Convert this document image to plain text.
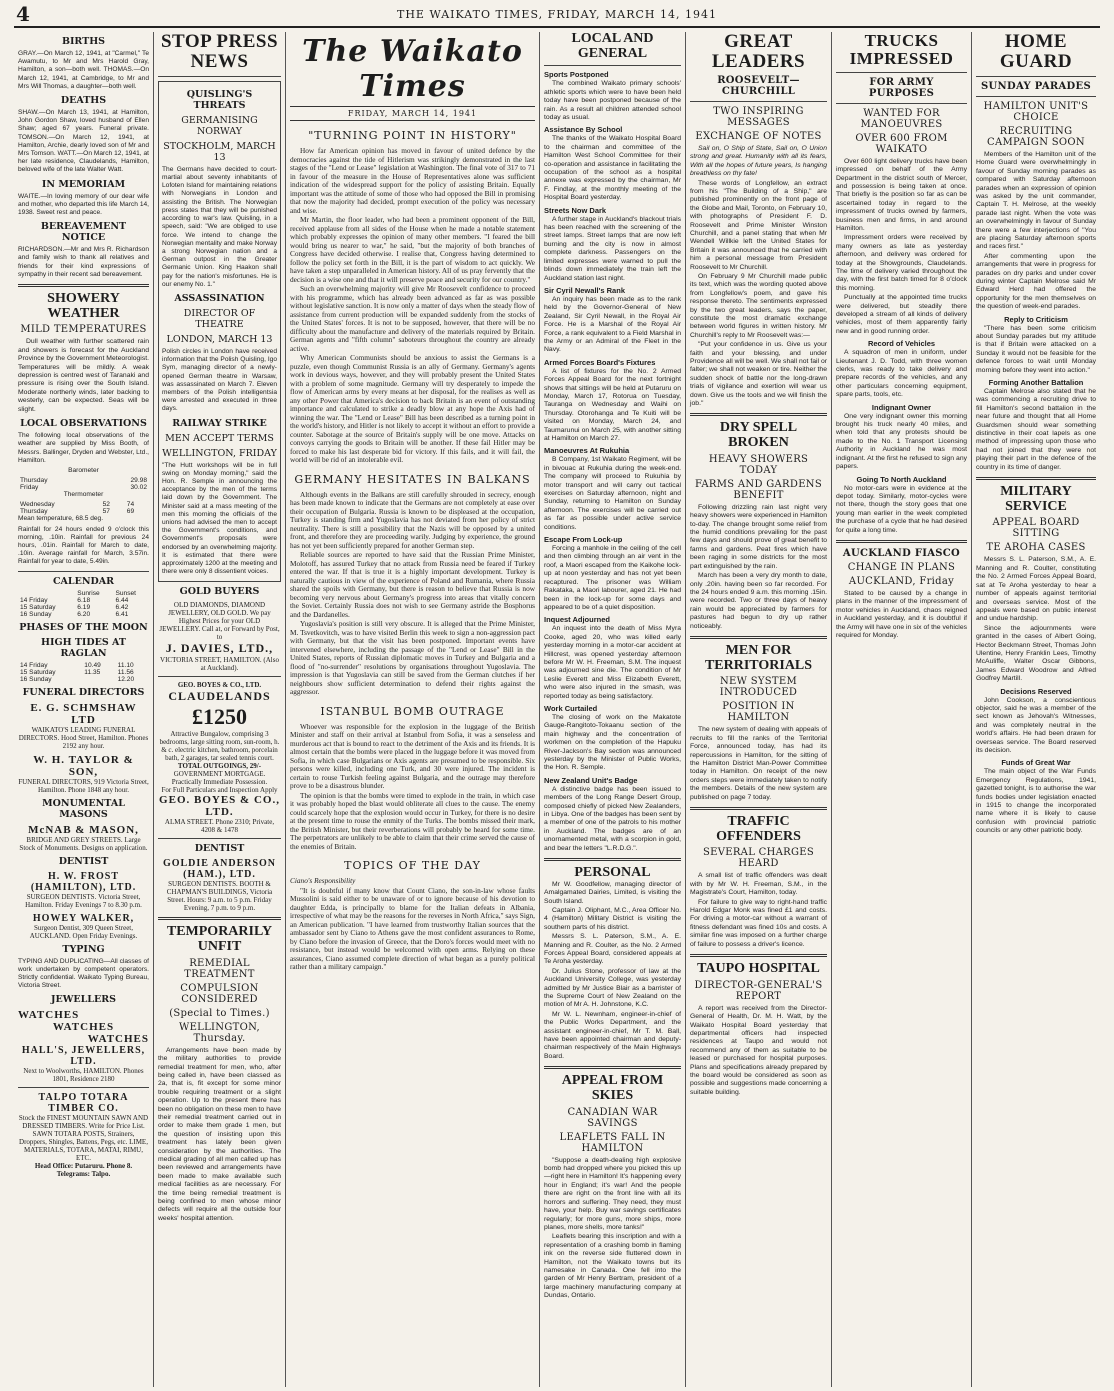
4	THE WAIKATO TIMES, FRIDAY, MARCH 14, 1941
BIRTHS

GRAY.—On March 12, 1941, at "Carmel," Te Awamutu, to Mr and Mrs Harold Gray, Hamilton, a son—both well. THOMAS.—On March 12, 1941, at Cambridge, to Mr and Mrs Will Thomas, a daughter—both well.

DEATHS

SHAW.—On March 13, 1941, at Hamilton, John Gordon Shaw, loved husband of Ellen Shaw; aged 67 years. Funeral private. TOMSON.—On March 12, 1941, at Hamilton, Archie, dearly loved son of Mr and Mrs Tomson. WATT.—On March 12, 1941, at her late residence, Claudelands, Hamilton, beloved wife of the late Walter Watt.

IN MEMORIAM

WAITE.—In loving memory of our dear wife and mother, who departed this life March 14, 1938. Sweet rest and peace.

BEREAVEMENT NOTICE

RICHARDSON.—Mr and Mrs R. Richardson and family wish to thank all relatives and friends for their kind expressions of sympathy in their recent sad bereavement.

SHOWERY WEATHER
MILD TEMPERATURES

Dull weather with further scattered rain and showers is forecast for the Auckland Province by the Government Meteorologist. Temperatures will be mildly. A weak depression is centred west of Taranaki and pressure is rising over the South Island. Moderate northerly winds, later backing to westerly, can be expected. Seas will be slight.

LOCAL OBSERVATIONS

The following local observations of the weather are supplied by Miss Booth, of Messrs. Ballinger, Dryden and Webster, Ltd., Hamilton.

Barometer
Thursday	29.98
Friday	30.02
Thermometer
Wednesday	52	74
Thursday	57	69

Mean temperature, 68.5 deg.

Rainfall for 24 hours ended 9 o'clock this morning, .10in. Rainfall for previous 24 hours, .01in. Rainfall for March to date, .10in. Average rainfall for March, 3.57in. Rainfall for year to date, 5.49in.

CALENDAR
	Sunrise	Sunset
14 Friday	6.18	6.44
15 Saturday	6.19	6.42
16 Sunday	6.20	6.41
PHASES OF THE MOON
HIGH TIDES AT RAGLAN
14 Friday	10.49	11.10
15 Saturday	11.35	11.56
16 Sunday		12.20
FUNERAL DIRECTORS
E. G. SCHMSHAW LTD
WAIKATO'S LEADING FUNERAL DIRECTORS. Hood Street, Hamilton. Phones 2192 any hour.
W. H. TAYLOR & SON,
FUNERAL DIRECTORS, 919 Victoria Street, Hamilton. Phone 1848 any hour.
MONUMENTAL MASONS
McNAB & MASON,
BRIDGE AND GREY STREETS. Large Stock of Monuments. Designs on application.
DENTIST
H. W. FROST (HAMILTON), LTD.
SURGEON DENTISTS. Victoria Street, Hamilton. Friday Evenings 7 to 8.30 p.m.
HOWEY WALKER,
Surgeon Dentist, 309 Queen Street, AUCKLAND. Open Friday Evenings.
TYPING

TYPING AND DUPLICATING—All classes of work undertaken by competent operators. Strictly confidential. Waikato Typing Bureau, Victoria Street.

JEWELLERS
WATCHES
WATCHES
WATCHES
HALL'S, JEWELLERS, LTD.
Next to Woolworths, HAMILTON. Phones 1801, Residence 2180
TALPO TOTARA TIMBER CO.
Stock the FINEST MOUNTAIN SAWN AND DRESSED TIMBERS. Write for Price List. SAWN TOTARA POSTS, Strainers, Droppers, Shingles, Battens, Pegs, etc. LIME, MATERIALS, TOTARA, MATAI, RIMU, ETC.
Head Office: Putaruru. Phone 8. Telegrams: Talpo.
STOP PRESS NEWS
QUISLING'S THREATS
GERMANISING NORWAY
STOCKHOLM, MARCH 13

The Germans have decided to court-martial about seventy inhabitants of Lofoten Island for maintaining relations with Norwegians in London and assisting the British. The Norwegian press states that they will be punished according to war's law. Quisling, in a speech, said: "We are obliged to use force. We intend to change the Norwegian mentality and make Norway a strong Norwegian nation and a German outpost in the Greater Germanic Union. King Haakon shall pay for the nation's misfortunes. He is our enemy No. 1."

ASSASSINATION
DIRECTOR OF THEATRE
LONDON, MARCH 13

Polish circles in London have received information that the Polish Quisling, Igo Sym, managing director of a newly-opened German theatre in Warsaw, was assassinated on March 7. Eleven members of the Polish intelligentsia were arrested and executed in three days.

RAILWAY STRIKE
MEN ACCEPT TERMS
WELLINGTON, FRIDAY

"The Hutt workshops will be in full swing on Monday morning," said the Hon. R. Semple in announcing the acceptance by the men of the terms laid down by the Government. The Minister said at a mass meeting of the men this morning the officials of the unions had advised the men to accept the Government's conditions, and Government's proposals were endorsed by an overwhelming majority. It is estimated that there were approximately 1200 at the meeting and there were only 8 dissentient voices.

GOLD BUYERS
OLD DIAMONDS, DIAMOND JEWELLERY, OLD GOLD. We pay Highest Prices for your OLD JEWELLERY. Call at, or Forward by Post, to
J. DAVIES, LTD.,
VICTORIA STREET, HAMILTON. (Also at Auckland).
GEO. BOYES & CO., LTD.
CLAUDELANDS
£1250
Attractive Bungalow, comprising 3 bedrooms, large sitting room, sun-room, h. & c. electric kitchen, bathroom, porcelain bath, 2 garages, tar sealed tennis court.
TOTAL OUTGOINGS, 29/-
GOVERNMENT MORTGAGE. Practically Immediate Possession.
For Full Particulars and Inspection Apply
GEO. BOYES & CO., LTD.
ALMA STREET. Phone 2310; Private, 4208 & 1478
DENTIST
GOLDIE ANDERSON (HAM.), LTD.
SURGEON DENTISTS. BOOTH & CHAPMAN'S BUILDINGS, Victoria Street. Hours: 9 a.m. to 5 p.m. Friday Evening, 7 p.m. to 9 p.m.
TEMPORARILY UNFIT
REMEDIAL TREATMENT
COMPULSION CONSIDERED
(Special to Times.)
WELLINGTON, Thursday.

Arrangements have been made by the military authorities to provide remedial treatment for men, who, after being called in, have been classed as 2a, that is, fit except for some minor trouble requiring treatment or a slight operation. Up to the present there has been no obligation on these men to have their remedial treatment carried out in order to make them grade 1 men, but the question of insisting upon this treatment has lately been given consideration by the authorities. The medical grading of all men called up has been reviewed and arrangements have been made to make available such medical facilities as are necessary. For the time being remedial treatment is being confined to men whose minor defects will require all the outside four weeks' hospital attention.

The Waikato Times
FRIDAY, MARCH 14, 1941
"TURNING POINT IN HISTORY"

How far American opinion has moved in favour of united defence by the democracies against the tide of Hitlerism was strikingly demonstrated in the last stages of the "Lend or Lease" legislation at Washington. The final vote of 317 to 71 in favour of the measure in the House of Representatives alone was sufficient indication of the widespread support for the policy of assisting Britain. Equally important was the attitude of some of those who had opposed the Bill in promising that now the majority had decided, prompt execution of the policy was necessary and wise.

Mr Martin, the floor leader, who had been a prominent opponent of the Bill, received applause from all sides of the House when he made a notable statement which probably expresses the opinion of many other members. "I feared the bill would bring us nearer to war," he said, "but the majority of both branches of Congress have decided otherwise. I realise that, Congress having determined to follow the policy set forth in the Bill, it is the part of wisdom to act quickly. We have taken a step unparalleled in American history. All of us pray fervently that the decision is a wise one and that it will preserve peace and security for our country."

Such an overwhelming majority will give Mr Roosevelt confidence to proceed with his programme, which has already been advanced as far as was possible without legislative sanction. It is now only a matter of days when the steady flow of assistance from current production will be expanded suddenly from the stocks of the United States' forces. It is not to be supposed, however, that there will be no difficulty about the manufacture and delivery of the materials required by Britain. German agents and "fifth column" saboteurs throughout the country are already active.

Why American Communists should be anxious to assist the Germans is a puzzle, even though Communist Russia is an ally of Germany. Germany's agents work in devious ways, however, and they will probably present the United States with a problem of some magnitude. Germany will try desperately to impede the flow of American arms by every means at her disposal, for the realises as well as any other Power that America's decision to back Britain is an event of outstanding importance and calculated to strike a deadly blow at any hope the Axis had of winning the war. The "Lend or Lease" Bill has been described as a turning point in the world's history, and Hitler is not likely to accept it without an effort to provide a counter. Sabotage at the source of Britain's supply will be one move. Attacks on convoys carrying the goods to Britain will be another. If these fail Hitler may be forced to make his last desperate bid for victory. If this fails, and it will fail, the world will be rid of an intolerable evil.

GERMANY HESITATES IN BALKANS

Although events in the Balkans are still carefully shrouded in secrecy, enough has been made known to indicate that the Germans are not completely at ease over their occupation of Bulgaria. Russia is known to be displeased at the occupation, Turkey is standing firm and Yugoslavia has not deviated from her policy of strict neutrality. There is still a possibility that the Nazis will be opposed by a united front, and therefore they are proceeding warily. Judging by experience, the ground has not yet been sufficiently prepared for another German step.

Reliable sources are reported to have said that the Russian Prime Minister, Molotoff, has assured Turkey that no attack from Russia need be feared if Turkey entered the war. If that is true it is a highly important development. Turkey is naturally cautious in view of the experience of Poland and Rumania, where Russia shared the spoils with Germany, but there is reason to believe that Russia is now becoming very nervous about Germany's progress into areas that vitally concern the Soviet. Certainly Russia does not wish to see Germany astride the Bosphorus and the Dardanelles.

Yugoslavia's position is still very obscure. It is alleged that the Prime Minister, M. Tsvetkovitch, was to have visited Berlin this week to sign a non-aggression pact with Germany, but that the visit has been postponed. Important events have intervened elsewhere, including the passage of the "Lend or Lease" Bill in the United States, reports of Russian diplomatic moves in Turkey and Bulgaria and a flood of "no-surrender" resolutions by organisations throughout Yugoslavia. The impression is that Yugoslavia can still be saved from the German clutches if her neighbours show sufficient determination to defend their rights against the aggressor.

ISTANBUL BOMB OUTRAGE

Whoever was responsible for the explosion in the luggage of the British Minister and staff on their arrival at Istanbul from Sofia, it was a senseless and murderous act that is bound to react to the detriment of the Axis and its friends. It is almost certain that the bombs were placed in the luggage before it was moved from Sofia, in which case Bulgarians or Axis agents are presumed to be responsible. Six persons were killed, including one Turk, and 30 were injured. The incident is certain to rouse Turkish feeling against Bulgaria, and the outrage may therefore prove to be a disastrous blunder.

The opinion is that the bombs were timed to explode in the train, in which case it was probably hoped the blast would obliterate all clues to the cause. The enemy could scarcely hope that the explosion would occur in Turkey, for there is no desire at the present time to rouse the enmity of the Turks. The bombs missed their mark, the British Minister, but their reverberations will probably be heard for some time. The perpetrators are unlikely to be able to claim that their crime served the cause of the enemies of Britain.

TOPICS OF THE DAY
Ciano's Responsibility

"It is doubtful if many know that Count Ciano, the son-in-law whose faults Mussolini is said either to be unaware of or to ignore because of his devotion to daughter Edda, is principally to blame for the Italian defeats in Albania, irrespective of what may be the reasons for the reverses in North Africa," says Sign, an American publication. "I have learned from trustworthy Italian sources that the ambassador sent by Ciano to Athens gave the most confident assurances to Rome, by Ciano before the invasion of Greece, that the Doro's forces would meet with no resistance, but instead would be welcomed with open arms. Relying on these assurances, Ciano assumed complete direction of what began as a purely political rather than a military campaign."

LOCAL AND GENERAL
Sports Postponed

The combined Waikato primary schools' athletic sports which were to have been held today have been postponed because of the rain. As a result all children attended school today as usual.

Assistance By School

The thanks of the Waikato Hospital Board to the chairman and committee of the Hamilton West School Committee for their co-operation and assistance in facilitating the occupation of the school as a hospital annexe was expressed by the chairman, Mr F. Findlay, at the monthly meeting of the Hospital Board yesterday.

Streets Now Dark

A further stage in Auckland's blackout trials has been reached with the screening of the street lamps. Street lamps that are now left burning and the city is now in almost complete darkness. Passengers on the limited expresses were warned to pull the blinds down immediately the train left the Auckland station last night.

Sir Cyril Newall's Rank

An inquiry has been made as to the rank held by the Governor-General of New Zealand, Sir Cyril Newall, in the Royal Air Force. He is a Marshal of the Royal Air Force, a rank equivalent to a Field Marshal in the Army or an Admiral of the Fleet in the Navy.

Armed Forces Board's Fixtures

A list of fixtures for the No. 2 Armed Forces Appeal Board for the next fortnight shows that sittings will be held at Putaruru on Monday, March 17, Rotorua on Tuesday, Tauranga on Wednesday and Waihi on Thursday. Otorohanga and Te Kuiti will be visited on Monday, March 24, and Taumarunui on March 25, with another sitting at Hamilton on March 27.

Manoeuvres At Rukuhia

B Company, 1st Waikato Regiment, will be in bivouac at Rukuhia during the week-end. The company will proceed to Rukuhia by motor transport and will carry out tactical exercises on Saturday afternoon, night and Sunday, returning to Hamilton on Sunday afternoon. The exercises will be carried out as far as possible under active service conditions.

Escape From Lock-up

Forcing a manhole in the ceiling of the cell and then climbing through an air vent in the roof, a Maori escaped from the Kaikohe lock-up at noon yesterday and has not yet been recaptured. The prisoner was William Rakataka, a Maori labourer, aged 21. He had been in the lock-up for some days and appeared to be of a quiet disposition.

Inquest Adjourned

An inquest into the death of Miss Myra Cooke, aged 20, who was killed early yesterday morning in a motor-car accident at Hillcrest, was opened yesterday afternoon before Mr W. H. Freeman, S.M. The inquest was adjourned sine die. The condition of Mr Leslie Everett and Miss Elizabeth Everett, who were also injured in the smash, was reported today as being satisfactory.

Work Curtailed

The closing of work on the Makatote Gauge-Rangitoto-Tokaanu section of the main highway and the concentration of workmen on the completion of the Hapuku River-Jackson's Bay section was announced yesterday by the Minister of Public Works, the Hon. R. Semple.

New Zealand Unit's Badge

A distinctive badge has been issued to members of the Long Range Desert Group, composed chiefly of picked New Zealanders, in Libya. One of the badges has been sent by a member of one of the patrols to his mother in Auckland. The badges are of an unornamented metal, with a scorpion in gold, and bear the letters "L.R.D.G.".

PERSONAL

Mr W. Goodfellow, managing director of Amalgamated Dairies, Limited, is visiting the South Island.

Captain J. Oliphant, M.C., Area Officer No. 4 (Hamilton) Military District is visiting the southern parts of his district.

Messrs S. L. Paterson, S.M., A. E. Manning and R. Coulter, as the No. 2 Armed Forces Appeal Board, considered appeals at Te Aroha yesterday.

Dr. Julius Stone, professor of law at the Auckland University College, was yesterday admitted by Mr Justice Blair as a barrister of the Supreme Court of New Zealand on the motion of Mr A. H. Johnstone, K.C.

Mr W. L. Newnham, engineer-in-chief of the Public Works Department, and the assistant engineer-in-chief, Mr T. M. Ball, have been appointed chairman and deputy-chairman respectively of the Main Highways Board.

APPEAL FROM SKIES
CANADIAN WAR SAVINGS
LEAFLETS FALL IN HAMILTON

"Suppose a death-dealing high explosive bomb had dropped where you picked this up—right here in Hamilton! It's happening every hour in England; it's war! And the people there are right on the front line with all its horrors and suffering. They need, they must have, your help. Buy war savings certificates regularly; for more guns, more ships, more planes, more shells, more tanks!"

Leaflets bearing this inscription and with a representation of a crashing bomb in flaming ink on the reverse side fluttered down in Hamilton, not the Waikato towns but its namesake in Canada. One fell into the garden of Mr Henry Bertram, president of a large machinery manufacturing company at Dundas, Ontario.

GREAT LEADERS
ROOSEVELT—CHURCHILL
TWO INSPIRING MESSAGES
EXCHANGE OF NOTES

Sail on, O Ship of State, Sail on, O Union strong and great. Humanity with all its fears, With all the hopes of future years, Is hanging breathless on thy fate!

These words of Longfellow, an extract from his "The Building of a Ship," are published prominently on the front page of the Globe and Mail, Toronto, on February 10, with photographs of President F. D. Roosevelt and Prime Minister Winston Churchill, and a panel stating that when Mr Wendell Willkie left the United States for Britain it was announced that he carried with him a personal message from President Roosevelt to Mr Churchill.

On February 9 Mr Churchill made public its text, which was the wording quoted above from Longfellow's poem, and gave his response thereto. The sentiments expressed by the two great leaders, says the paper, constitute the most dramatic exchange between world figures in written history. Mr Churchill's reply to Mr Roosevelt was:—

"Put your confidence in us. Give us your faith and your blessing, and under Providence all will be well. We shall not fail or falter; we shall not weaken or tire. Neither the sudden shock of battle nor the long-drawn trials of vigilance and exertion will wear us down. Give us the tools and we will finish the job."

DRY SPELL BROKEN
HEAVY SHOWERS TODAY
FARMS AND GARDENS BENEFIT

Following drizzling rain last night very heavy showers were experienced in Hamilton to-day. The change brought some relief from the humid conditions prevailing for the past few days and should prove of great benefit to farms and gardens. Peat fires which have been raging in some districts for the most part extinguished by the rain.

March has been a very dry month to date, only .20in. having been so far recorded. For the 24 hours ended 9 a.m. this morning .15in. were recorded. Two or three days of heavy rain would be appreciated by farmers for pastures had begun to dry up rather noticeably.

MEN FOR TERRITORIALS
NEW SYSTEM INTRODUCED
POSITION IN HAMILTON

The new system of dealing with appeals of recruits to fill the ranks of the Territorial Force, announced today, has had its repercussions in Hamilton, for the sitting of the Hamilton District Man-Power Committee today in Hamilton. On receipt of the new orders steps were immediately taken to notify the members. Details of the new system are published on page 7 today.

TRAFFIC OFFENDERS
SEVERAL CHARGES HEARD

A small list of traffic offenders was dealt with by Mr W. H. Freeman, S.M., in the Magistrate's Court, Hamilton, today.

For failure to give way to right-hand traffic Harold Edgar Monk was fined £1 and costs. For driving a motor-car without a warrant of fitness defendant was fined 10s and costs. A similar fine was imposed on a further charge of failure to possess a driver's licence.

TAUPO HOSPITAL
DIRECTOR-GENERAL'S REPORT

A report was received from the Director-General of Health, Dr. M. H. Watt, by the Waikato Hospital Board yesterday that departmental officers had inspected residences at Taupo and would not recommend any of them as suitable to be leased or purchased for hospital purposes. Plans and specifications already prepared by the board would be considered as soon as possible and suggestions made concerning a suitable building.

TRUCKS IMPRESSED
FOR ARMY PURPOSES
WANTED FOR MANOEUVRES
OVER 600 FROM WAIKATO

Over 600 light delivery trucks have been impressed on behalf of the Army Department in the district south of Mercer, and possession is being taken at once. That briefly is the position so far as can be ascertained today in regard to the impressment of trucks owned by farmers, business men and firms, in and around Hamilton.

Impressment orders were received by many owners as late as yesterday afternoon, and delivery was ordered for today at the Showgrounds, Claudelands. The time of delivery varied throughout the day, with the first batch timed for 8 o'clock this morning.

Punctually at the appointed time trucks were delivered, but steadily there developed a stream of all kinds of delivery vehicles, most of them apparently fairly new and in good running order.

Record of Vehicles

A squadron of men in uniform, under Lieutenant J. D. Todd, with three women clerks, was ready to take delivery and prepare records of the vehicles, and any other particulars concerning equipment, spare parts, tools, etc.

Indignant Owner

One very indignant owner this morning brought his truck nearly 40 miles, and when told that any protests should be made to the No. 1 Transport Licensing Authority in Auckland he was most indignant. At the first he refused to sign any papers.

Going To North Auckland

No motor-cars were in evidence at the depot today. Similarly, motor-cycles were not there, though the story goes that one young man earlier in the week completed the purchase of a cycle that he had desired for quite a long time.

AUCKLAND FIASCO
CHANGE IN PLANS
AUCKLAND, Friday

Stated to be caused by a change in plans in the manner of the impressment of motor vehicles in Auckland, chaos reigned in Auckland yesterday, and it is doubtful if the Army will have one in six of the vehicles required for Monday.

HOME GUARD
SUNDAY PARADES
HAMILTON UNIT'S CHOICE
RECRUITING CAMPAIGN SOON

Members of the Hamilton unit of the Home Guard were overwhelmingly in favour of Sunday morning parades as compared with Saturday afternoon parades when an expression of opinion was asked by the unit commander, Captain T. H. Melrose, at the weekly parade last night. When the vote was an overwhelmingly in favour of Sunday there were a few interjections of "You are placing Saturday afternoon sports and races first."

After commenting upon the arrangements that were in progress for parades on dry parks and under cover during winter Captain Melrose said Mr Edward Herd had offered the opportunity for the men themselves on the question of week-end parades.

Reply to Criticism

"There has been some criticism about Sunday parades but my attitude is that if Britain were attacked on a Sunday it would not be feasible for the defence forces to wait until Monday morning before they went into action."

Forming Another Battalion

Captain Melrose also stated that he was commencing a recruiting drive to fill Hamilton's second battalion in the near future and thought that all Home Guardsmen should wear something distinctive in their coat lapels as one method of impressing upon those who had not joined that they were not playing their part in the defence of the country in its time of danger.

MILITARY SERVICE
APPEAL BOARD SITTING
TE AROHA CASES

Messrs S. L. Paterson, S.M., A. E. Manning and R. Coulter, constituting the No. 2 Armed Forces Appeal Board, sat at Te Aroha yesterday to hear a number of appeals against territorial and overseas service. Most of the appeals were based on public interest and undue hardship.

Since the adjournments were granted in the cases of Albert Going, Hector Beckmann Street, Thomas John Ulentine, Henry Franklin Lees, Timothy McAuliffe, Walter Oscar Gibbons, James Edward Woodrow and Alfred Godfrey Martill.

Decisions Reserved

John Cookson, a conscientious objector, said he was a member of the sect known as Jehovah's Witnesses, and was completely neutral in the world's affairs. He had been drawn for overseas service. The Board reserved its decision.

Funds of Great War

The main object of the War Funds Emergency Regulations, 1941, gazetted tonight, is to authorise the war funds bodies under legislation enacted in 1915 to change the incorporated name where it is likely to cause confusion with provincial patriotic councils or any other patriotic body.
